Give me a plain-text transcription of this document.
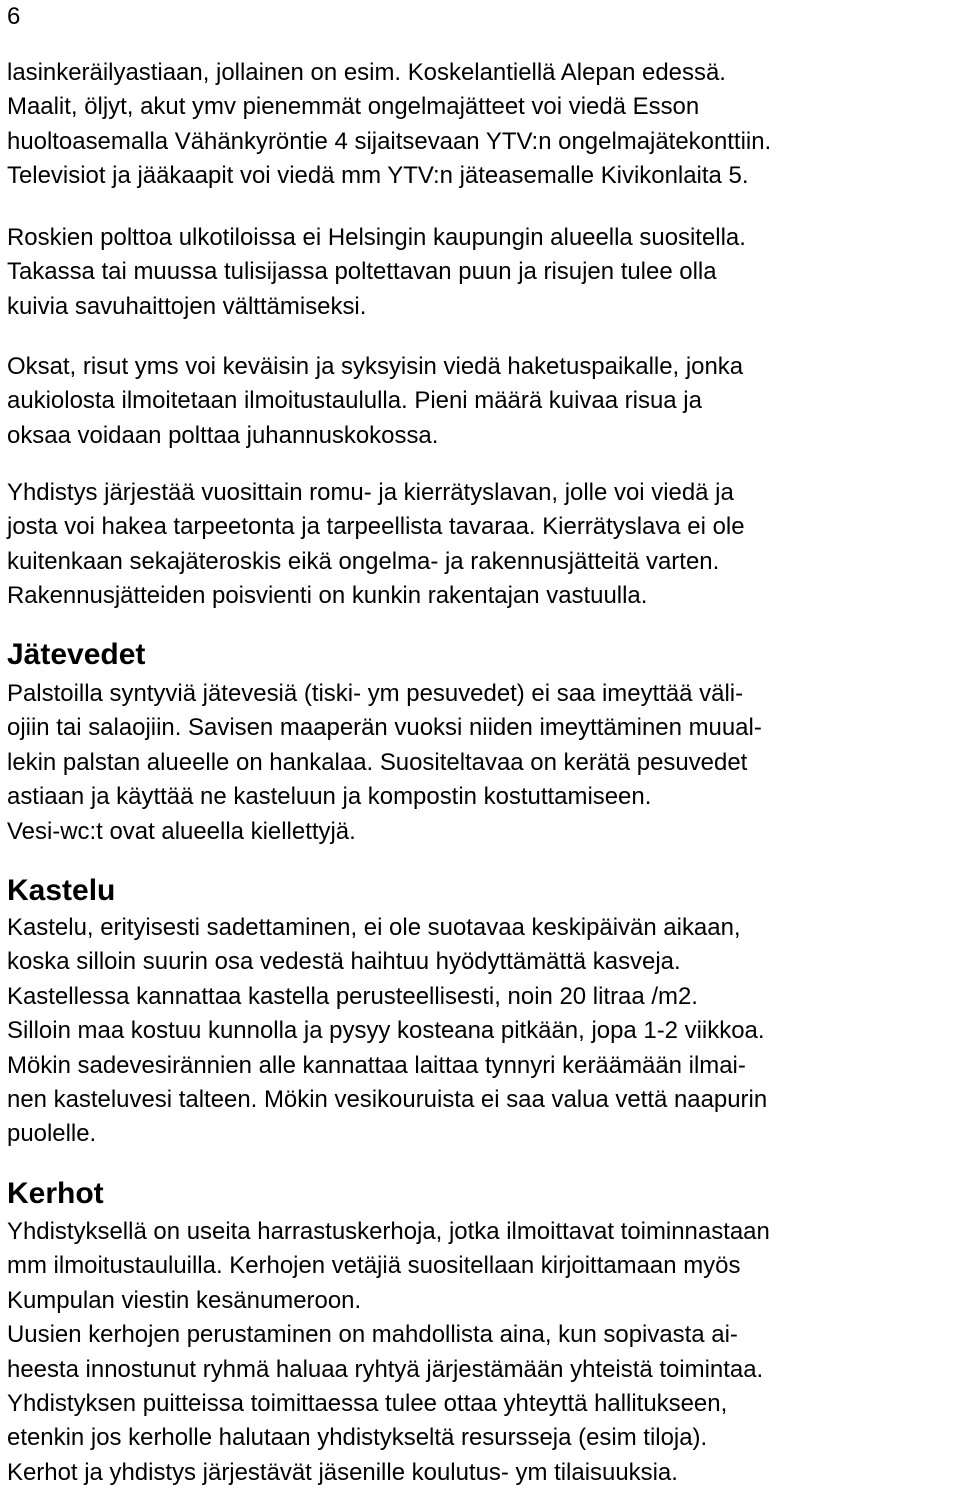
6
lasinkeräilyastiaan, jollainen on esim. Koskelantiellä Alepan edessä.
Maalit, öljyt, akut ymv pienemmät ongelmajätteet voi viedä Esson
huoltoasemalla Vähänkyröntie 4 sijaitsevaan YTV:n ongelmajätekonttiin.
Televisiot ja jääkaapit voi viedä mm YTV:n jäteasemalle Kivikonlaita 5.
Roskien polttoa ulkotiloissa ei Helsingin kaupungin alueella suositella.
Takassa tai muussa tulisijassa poltettavan puun ja risujen tulee olla
kuivia savuhaittojen välttämiseksi.
Oksat, risut yms voi keväisin ja syksyisin viedä haketuspaikalle, jonka
aukiolosta ilmoitetaan ilmoitustaululla. Pieni määrä kuivaa risua ja
oksaa voidaan polttaa juhannuskokossa.
Yhdistys järjestää vuosittain romu- ja kierrätyslavan, jolle voi viedä ja
josta voi hakea tarpeetonta ja tarpeellista tavaraa. Kierrätyslava ei ole
kuitenkaan sekajäteroskis eikä ongelma- ja rakennusjätteitä varten.
Rakennusjätteiden poisvienti on kunkin rakentajan vastuulla.
Jätevedet
Palstoilla syntyviä jätevesiä (tiski- ym pesuvedet) ei saa imeyttää väli-
ojiin tai salaojiin. Savisen maaperän vuoksi niiden imeyttäminen muual-
lekin palstan alueelle on hankalaa. Suositeltavaa on kerätä pesuvedet
astiaan ja käyttää ne kasteluun ja kompostin kostuttamiseen.
Vesi-wc:t ovat alueella kiellettyjä.
Kastelu
Kastelu, erityisesti sadettaminen, ei ole suotavaa keskipäivän aikaan,
koska silloin suurin osa vedestä haihtuu hyödyttämättä kasveja.
Kastellessa kannattaa kastella perusteellisesti, noin 20 litraa /m2.
Silloin maa kostuu kunnolla ja pysyy kosteana pitkään, jopa 1-2 viikkoa.
Mökin sadevesirännien alle kannattaa laittaa tynnyri keräämään ilmai-
nen kasteluvesi talteen. Mökin vesikouruista ei saa valua vettä naapurin
puolelle.
Kerhot
Yhdistyksellä on useita harrastuskerhoja, jotka ilmoittavat toiminnastaan
mm ilmoitustauluilla. Kerhojen vetäjiä suositellaan kirjoittamaan myös
Kumpulan viestin kesänumeroon.
Uusien kerhojen perustaminen on mahdollista aina, kun sopivasta ai-
heesta innostunut ryhmä haluaa ryhtyä järjestämään yhteistä toimintaa.
Yhdistyksen puitteissa toimittaessa tulee ottaa yhteyttä hallitukseen,
etenkin jos kerholle halutaan yhdistykseltä resursseja (esim tiloja).
Kerhot ja yhdistys järjestävät jäsenille koulutus- ym tilaisuuksia.
